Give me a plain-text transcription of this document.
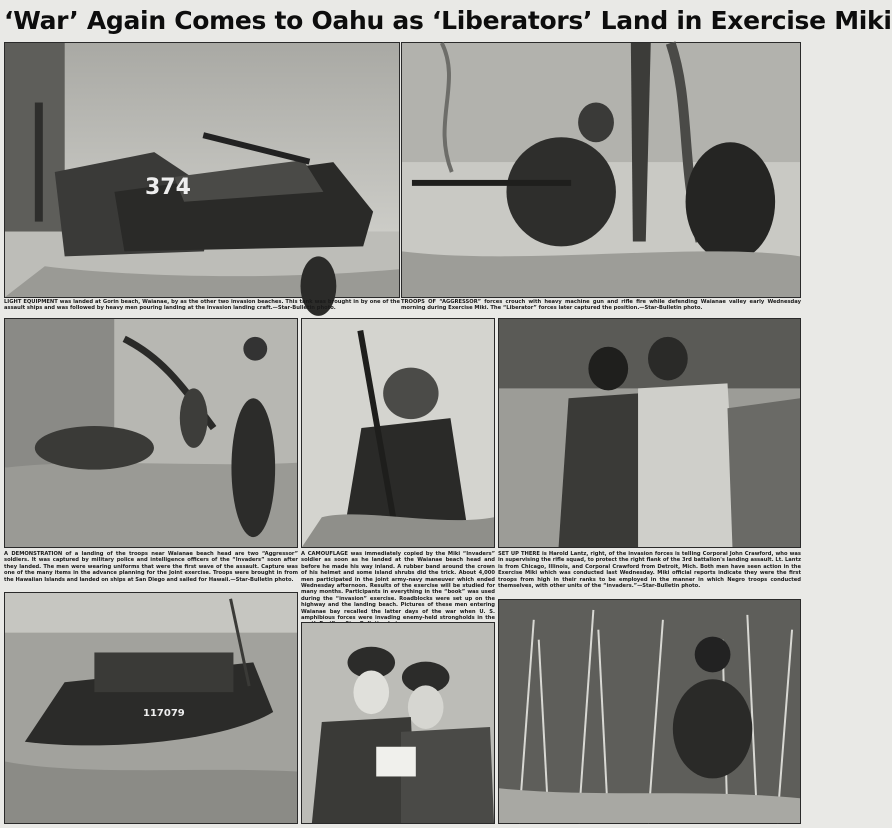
‘War’ Again Comes to Oahu as ‘Liberators’ Land in Exercise Miki
374
LIGHT EQUIPMENT was landed at Gorin beach, Waianae, by as the other two invasion beaches. This tank was brought in by one of the assault ships and was followed by heavy men pouring landing at the invasion landing craft.—Star-Bulletin photo.
TROOPS OF “AGGRESSOR” forces crouch with heavy machine gun and rifle fire while defending Waianae valley early Wednesday morning during Exercise Miki. The “Liberator” forces later captured the position.—Star-Bulletin photo.
A DEMONSTRATION of a landing of the troops near Waianae beach head are two “Aggressor” soldiers. It was captured by military police and intelligence officers of the “Invaders” soon after they landed. The men were wearing uniforms that were the first wave of the assault. Capture was one of the many items in the advance planning for the Joint exercise. Troops were brought in from the Hawaiian Islands and landed on ships at San Diego and sailed for Hawaii.—Star-Bulletin photo.
A CAMOUFLAGE was immediately copied by the Miki “Invaders” soldier as soon as he landed at the Waianae beach head and before he made his way inland. A rubber band around the crown of his helmet and some island shrubs did the trick. About 4,000 men participated in the joint army-navy maneuver which ended Wednesday afternoon. Results of the exercise will be studied for many months. Participants in everything in the “book” was used during the “invasion” exercise. Roadblocks were set up on the highway and the landing beach. Pictures of these men entering Waianae bay recalled the latter days of the war when U. S. amphibious forces were invading enemy-held strongholds in the
SET UP THERE is Harold Lantz, right, of the invasion forces is telling Corporal John Crawford, who was in supervising the rifle squad, to protect the right flank of the 3rd battalion's landing assault. Lt. Lantz is from Chicago, Illinois, and Corporal Crawford from Detroit, Mich. Both men have seen action in the Exercise Miki which was conducted last Wednesday. Miki official reports indicate they were the first troops from high in their ranks to be employed in the manner in which Negro troops conducted themselves, with other units of the “invaders.”—Star-Bulletin photo.
117079
